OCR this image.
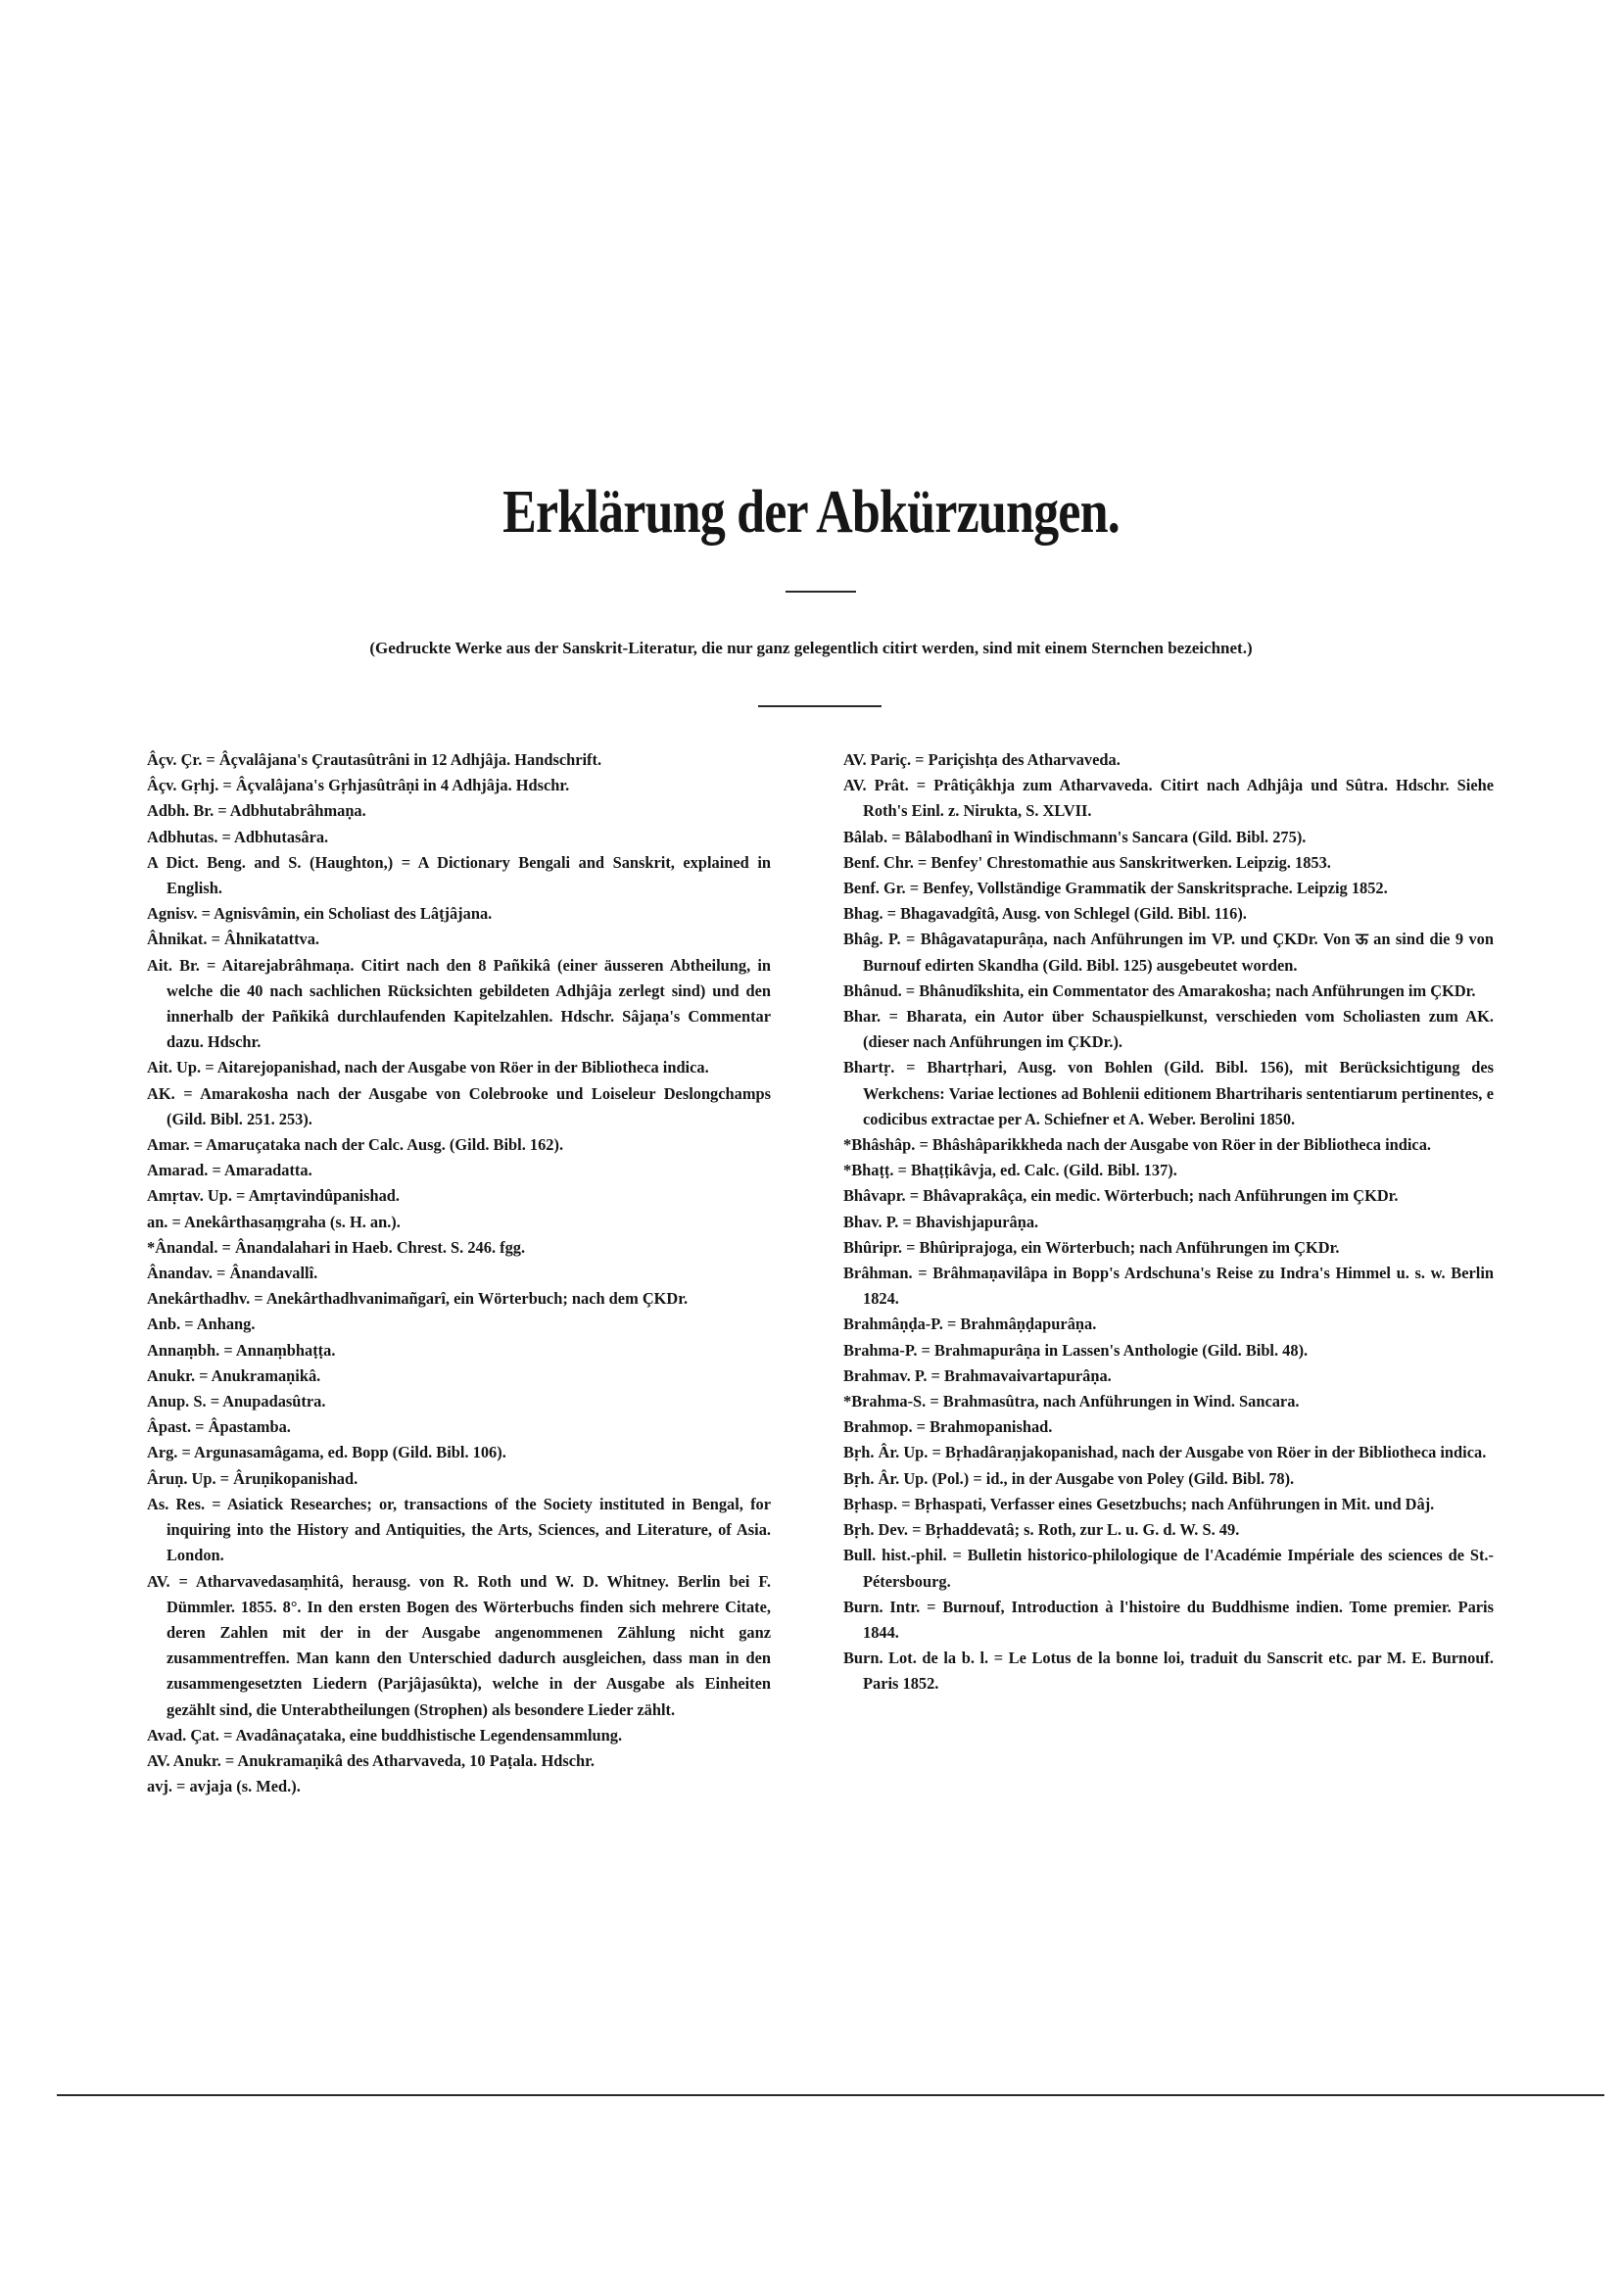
Erklärung der Abkürzungen.

(Gedruckte Werke aus der Sanskrit-Literatur, die nur ganz gelegentlich citirt werden, sind mit einem Sternchen bezeichnet.)

Âçv. Çr. = Âçvalâjana's Çrautasûtrâni in 12 Adhjâja. Handschrift.
Âçv. Gṛhj. = Âçvalâjana's Gṛhjasûtrâṇi in 4 Adhjâja. Hdschr.
Adbh. Br. = Adbhutabrâhmaṇa.
Adbhutas. = Adbhutasâra.
A Dict. Beng. and S. (Haughton,) = A Dictionary Bengali and Sanskrit, explained in English.
Agnisv. = Agnisvâmin, ein Scholiast des Lâṭjâjana.
Âhnikat. = Âhnikatattva.
Ait. Br. = Aitarejabrâhmaṇa. Citirt nach den 8 Pañkikâ (einer äusseren Abtheilung, in welche die 40 nach sachlichen Rücksichten gebildeten Adhjâja zerlegt sind) und den innerhalb der Pañkikâ durchlaufenden Kapitelzahlen. Hdschr. Sâjaṇa's Commentar dazu. Hdschr.
Ait. Up. = Aitarejopanishad, nach der Ausgabe von Röer in der Bibliotheca indica.
AK. = Amarakosha nach der Ausgabe von Colebrooke und Loiseleur Deslongchamps (Gild. Bibl. 251. 253).
Amar. = Amaruçataka nach der Calc. Ausg. (Gild. Bibl. 162).
Amarad. = Amaradatta.
Amṛtav. Up. = Amṛtavindûpanishad.
an. = Anekârthasaṃgraha (s. H. an.).
*Ânandal. = Ânandalahari in Haeb. Chrest. S. 246. fgg.
Ânandav. = Ânandavallî.
Anekârthadhv. = Anekârthadhvanimañgarî, ein Wörterbuch; nach dem ÇKDr.
Anb. = Anhang.
Annaṃbh. = Annaṃbhaṭṭa.
Anukr. = Anukramaṇikâ.
Anup. S. = Anupadasûtra.
Âpast. = Âpastamba.
Arg. = Argunasamâgama, ed. Bopp (Gild. Bibl. 106).
Âruṇ. Up. = Âruṇikopanishad.
As. Res. = Asiatick Researches; or, transactions of the Society instituted in Bengal, for inquiring into the History and Antiquities, the Arts, Sciences, and Literature, of Asia. London.
AV. = Atharvavedasaṃhitâ, herausg. von R. Roth und W. D. Whitney. Berlin bei F. Dümmler. 1855. 8°. In den ersten Bogen des Wörterbuchs finden sich mehrere Citate, deren Zahlen mit der in der Ausgabe angenommenen Zählung nicht ganz zusammentreffen. Man kann den Unterschied dadurch ausgleichen, dass man in den zusammengesetzten Liedern (Parjâjasûkta), welche in der Ausgabe als Einheiten gezählt sind, die Unterabtheilungen (Strophen) als besondere Lieder zählt.
Avad. Çat. = Avadânaçataka, eine buddhistische Legendensammlung.
AV. Anukr. = Anukramaṇikâ des Atharvaveda, 10 Paṭala. Hdschr.
avj. = avjaja (s. Med.).
AV. Pariç. = Pariçishṭa des Atharvaveda.
AV. Prât. = Prâtiçâkhja zum Atharvaveda. Citirt nach Adhjâja und Sûtra. Hdschr. Siehe Roth's Einl. z. Nirukta, S. XLVII.
Bâlab. = Bâlabodhanî in Windischmann's Sancara (Gild. Bibl. 275).
Benf. Chr. = Benfey' Chrestomathie aus Sanskritwerken. Leipzig. 1853.
Benf. Gr. = Benfey, Vollständige Grammatik der Sanskritsprache. Leipzig 1852.
Bhag. = Bhagavadgîtâ, Ausg. von Schlegel (Gild. Bibl. 116).
Bhâg. P. = Bhâgavatapurâṇa, nach Anführungen im VP. und ÇKDr. Von ऊ an sind die 9 von Burnouf edirten Skandha (Gild. Bibl. 125) ausgebeutet worden.
Bhânud. = Bhânudîkshita, ein Commentator des Amarakosha; nach Anführungen im ÇKDr.
Bhar. = Bharata, ein Autor über Schauspielkunst, verschieden vom Scholiasten zum AK. (dieser nach Anführungen im ÇKDr.).
Bhartṛ. = Bhartṛhari, Ausg. von Bohlen (Gild. Bibl. 156), mit Berücksichtigung des Werkchens: Variae lectiones ad Bohlenii editionem Bhartriharis sententiarum pertinentes, e codicibus extractae per A. Schiefner et A. Weber. Berolini 1850.
*Bhâshâp. = Bhâshâparikkheda nach der Ausgabe von Röer in der Bibliotheca indica.
*Bhaṭṭ. = Bhaṭṭikâvja, ed. Calc. (Gild. Bibl. 137).
Bhâvapr. = Bhâvaprakâça, ein medic. Wörterbuch; nach Anführungen im ÇKDr.
Bhav. P. = Bhavishjapurâṇa.
Bhûripr. = Bhûriprajoga, ein Wörterbuch; nach Anführungen im ÇKDr.
Brâhman. = Brâhmaṇavilâpa in Bopp's Ardschuna's Reise zu Indra's Himmel u. s. w. Berlin 1824.
Brahmâṇḍa-P. = Brahmâṇḍapurâṇa.
Brahma-P. = Brahmapurâṇa in Lassen's Anthologie (Gild. Bibl. 48).
Brahmav. P. = Brahmavaivartapurâṇa.
*Brahma-S. = Brahmasûtra, nach Anführungen in Wind. Sancara.
Brahmop. = Brahmopanishad.
Bṛh. Âr. Up. = Bṛhadâraṇjakopanishad, nach der Ausgabe von Röer in der Bibliotheca indica.
Bṛh. Âr. Up. (Pol.) = id., in der Ausgabe von Poley (Gild. Bibl. 78).
Bṛhasp. = Bṛhaspati, Verfasser eines Gesetzbuchs; nach Anführungen in Mit. und Dâj.
Bṛh. Dev. = Bṛhaddevatâ; s. Roth, zur L. u. G. d. W. S. 49.
Bull. hist.-phil. = Bulletin historico-philologique de l'Académie Impériale des sciences de St.-Pétersbourg.
Burn. Intr. = Burnouf, Introduction à l'histoire du Buddhisme indien. Tome premier. Paris 1844.
Burn. Lot. de la b. l. = Le Lotus de la bonne loi, traduit du Sanscrit etc. par M. E. Burnouf. Paris 1852.
